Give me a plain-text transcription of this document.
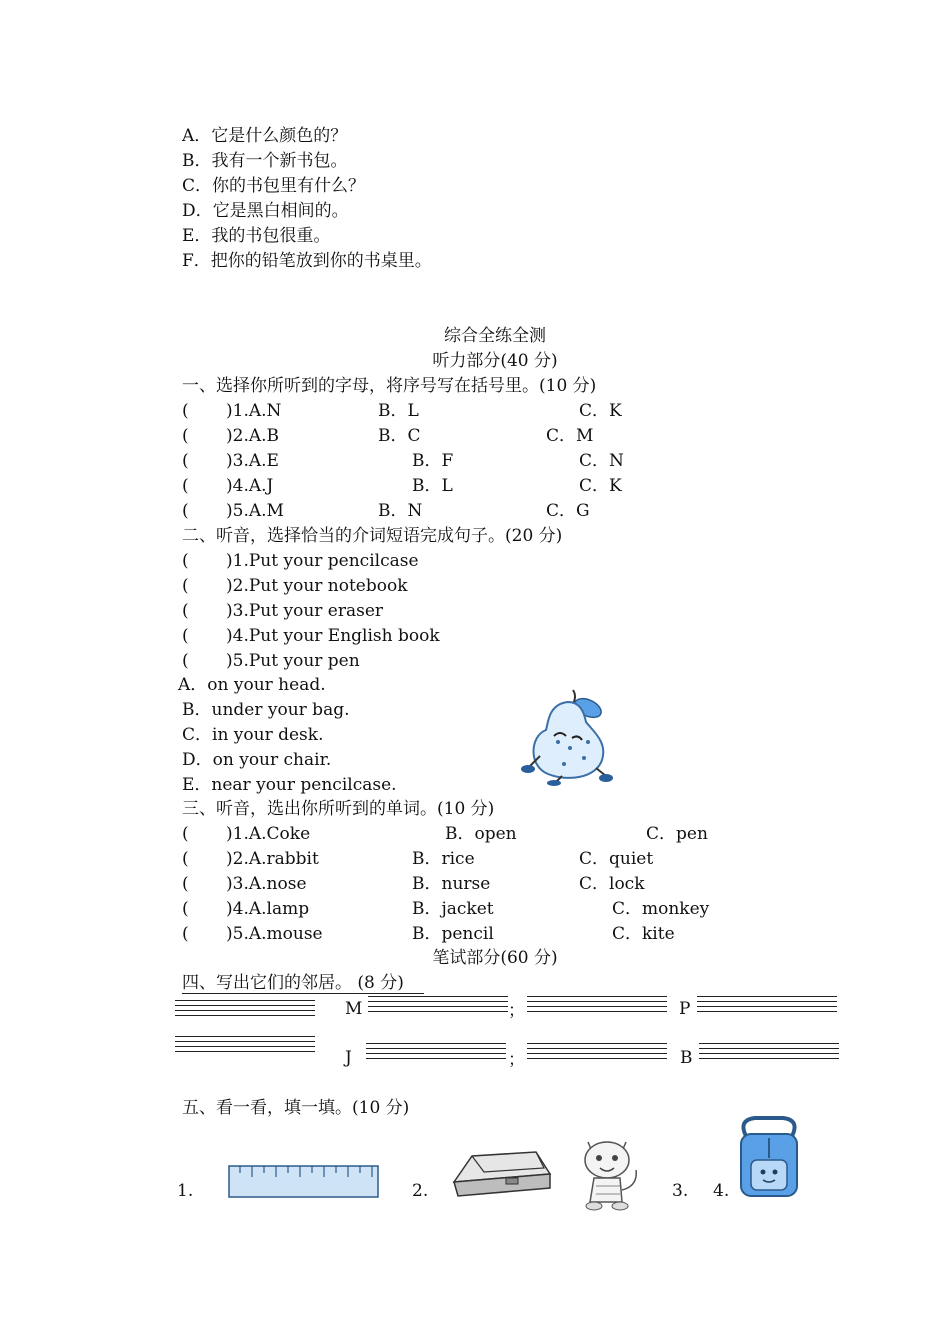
A．它是什么颜色的？
B．我有一个新书包。
C．你的书包里有什么？
D．它是黑白相间的。
E．我的书包很重。
F．把你的铅笔放到你的书桌里。
综合全练全测
听力部分(40 分)
一、选择你所听到的字母，将序号写在括号里。(10 分)
( )1.A.N	B．L	C．K
( )2.A.B	B．C	C．M
( )3.A.E	B．F	C．N
( )4.A.J	B．L	C．K
( )5.A.M	B．N	C．G
二、听音，选择恰当的介词短语完成句子。(20 分)
( )1.Put your pencilcase
( )2.Put your notebook
( )3.Put your eraser
( )4.Put your English book
( )5.Put your pen
A．on your head.
B．under your bag.
C．in your desk.
D．on your chair.
E．near your pencilcase.
三、听音，选出你所听到的单词。(10 分)
( )1.A.Coke	B．open	C．pen
( )2.A.rabbit	B．rice	C．quiet
( )3.A.nose	B．nurse	C．lock
( )4.A.lamp	B．jacket	C．monkey
( )5.A.mouse	B．pencil	C．kite
笔试部分(60 分)
四、写出它们的邻居。 (8 分)
M	；	P
J	；	B
五、看一看，填一填。(10 分)
1.	2.	3. 4.
